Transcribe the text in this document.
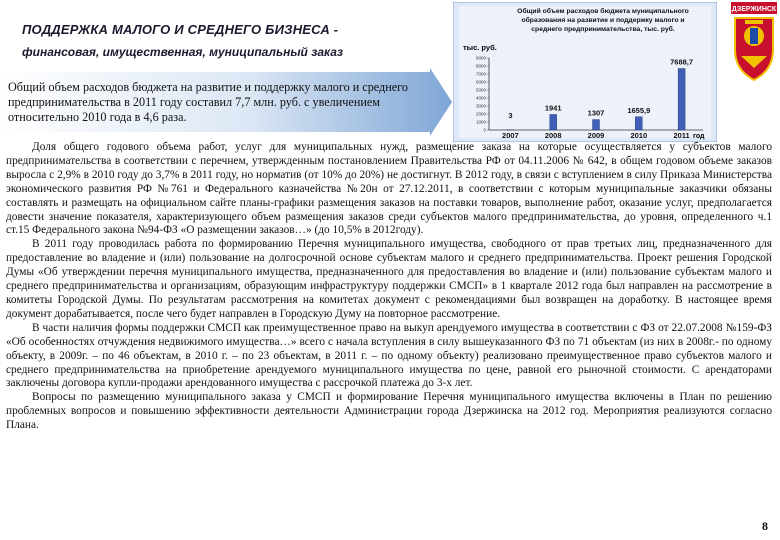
ПОДДЕРЖКА МАЛОГО И СРЕДНЕГО БИЗНЕСА -
финансовая, имущественная, муниципальный заказ
Общий объем расходов бюджета на развитие и поддержку малого и среднего предпринимательства в 2011 году составил 7,7 млн. руб. с увеличением относительно 2010 года в 4,6 раза.
Общий объем расходов бюджета муниципального образования на развитие и поддержку малого и среднего предпринимательства, тыс. руб.
тыс. руб.
год
0
1000
2000
3000
4000
5000
6000
7000
8000
9000
3
2007
1941
2008
1307
2009
1655,9
2010
7688,7
2011
ДЗЕРЖИНСК

Доля общего годового объема работ, услуг для муниципальных нужд, размещение заказа на которые осуществляется у субъектов малого предпринимательства в соответствии с перечнем, утвержденным постановлением Правительства РФ от 04.11.2006 № 642, в общем годовом объеме заказов выросла с 2,9% в 2010 году до 3,7% в 2011 году, но норматив (от 10% до 20%) не достигнут. В 2012 году, в связи с вступлением в силу Приказа Министерства экономического развития РФ №761 и Федерального казначейства №20н от 27.12.2011, в соответствии с которым муниципальные заказчики обязаны составлять и размещать на официальном сайте планы-графики размещения заказов на поставки товаров, выполнение работ, оказание услуг, предполагается довести значение показателя, характеризующего объем размещения заказов среди субъектов малого предпринимательства, до уровня, определенного ч.1 ст.15 Федерального закона №94-ФЗ «О размещении заказов…» (до 10,5% в 2012году).

В 2011 году проводилась работа по формированию Перечня муниципального имущества, свободного от прав третьих лиц, предназначенного для предоставление во владение и (или) пользование на долгосрочной основе субъектам малого и среднего предпринимательства. Проект решения Городской Думы «Об утверждении перечня муниципального имущества, предназначенного для предоставления во владение и (или) пользование субъектам малого и среднего предпринимательства и организациям, образующим инфраструктуру поддержки СМСП» в 1 квартале 2012 года был направлен на рассмотрение в комитеты Городской Думы. По результатам рассмотрения на комитетах документ с рекомендациями был возвращен на доработку. В настоящее время документ дорабатывается, после чего будет направлен в Городскую Думу на повторное рассмотрение.

В части наличия формы поддержки СМСП как преимущественное право на выкуп арендуемого имущества в соответствии с ФЗ от 22.07.2008 №159-ФЗ «Об особенностях отчуждения недвижимого имущества…» всего с начала вступления в силу вышеуказанного ФЗ по 71 объектам (из них в 2008г.- по одному объекту, в 2009г. – по 46 объектам, в 2010 г. – по 23 объектам, в 2011 г. – по одному объекту) реализовано преимущественное право субъектов малого и среднего предпринимательства на приобретение арендуемого муниципального имущества по цене, равной его рыночной стоимости. С арендаторами заключены договора купли-продажи арендованного имущества с рассрочкой платежа до 3-х лет.

Вопросы по размещению муниципального заказа у СМСП и формирование Перечня муниципального имущества включены в План по решению проблемных вопросов и повышению эффективности деятельности Администрации города Дзержинска на 2012 год. Мероприятия реализуются согласно Плана.

8
